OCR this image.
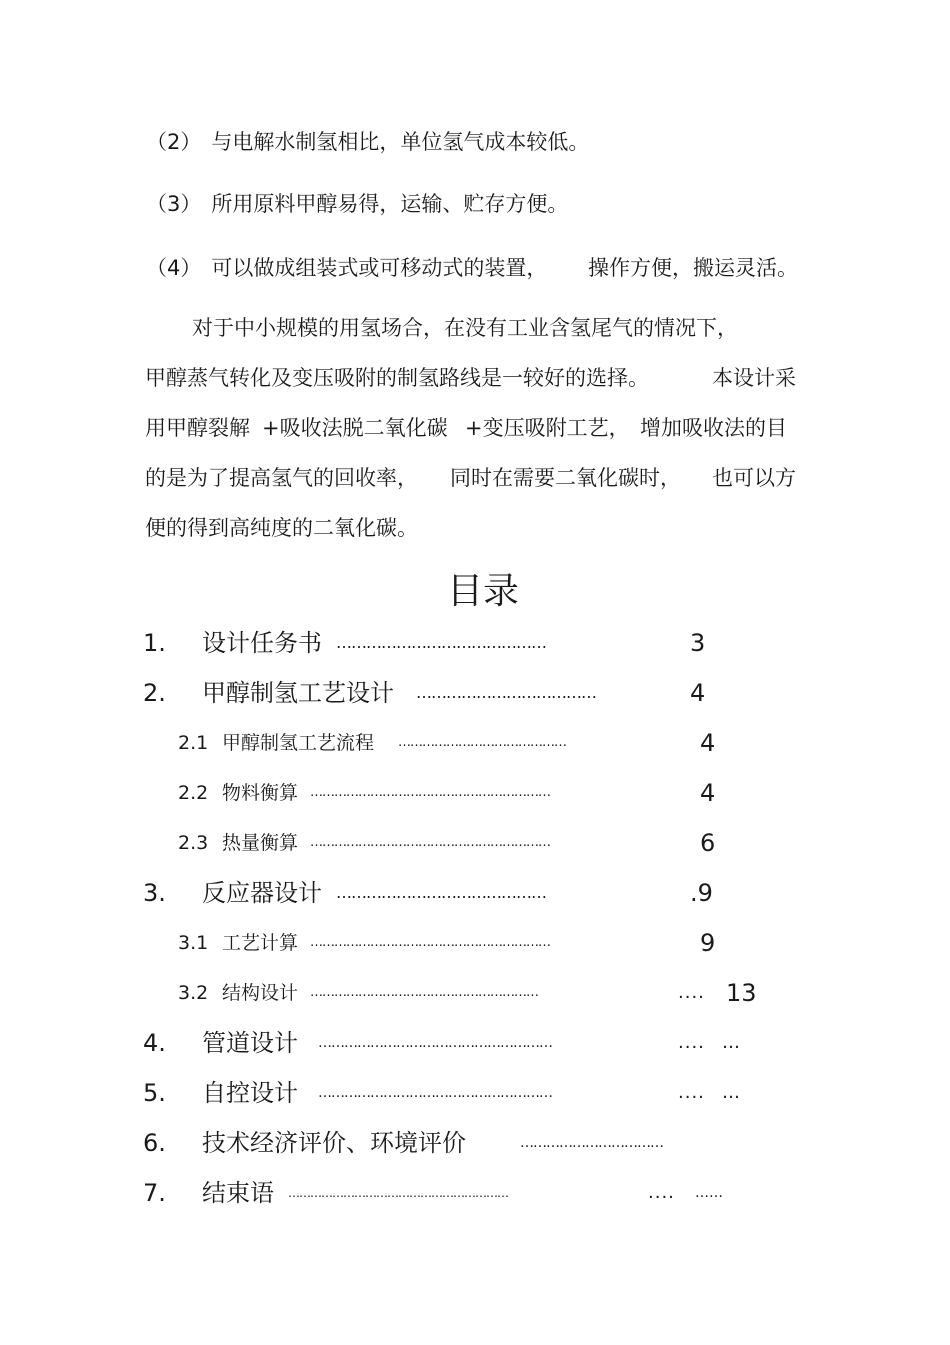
（2） 与电解水制氢相比，单位氢气成本较低。
（3） 所用原料甲醇易得，运输、贮存方便。
（4） 可以做成组装式或可移动式的装置， 操作方便，搬运灵活。
对于中小规模的用氢场合，在没有工业含氢尾气的情况下，
甲醇蒸气转化及变压吸附的制氢路线是一较好的选择。	本设计采
用甲醇裂解 +吸收法脱二氧化碳 +变压吸附工艺， 增加吸收法的目
的是为了提高氢气的回收率， 同时在需要二氧化碳时， 也可以方
便的得到高纯度的二氧化碳。
目录
1. 设计任务书 ……………………………………	3
2. 甲醇制氢工艺设计 ………………………………	4
2.1 甲醇制氢工艺流程 ……………………………………	4
2.2 物料衡算 ……………………………………………………	4
2.3 热量衡算 ……………………………………………………	6
3. 反应器设计 ……………………………………	.9
3.1 工艺计算 ……………………………………………………	9
3.2 结构设计 …………………………………………………	.... 13
4. 管道设计 ………………………………………………	.... …
5. 自控设计 ………………………………………………	.... …
6. 技术经济评价、环境评价	……………………………
7. 结束语 ……………………………………………………	.... ……
